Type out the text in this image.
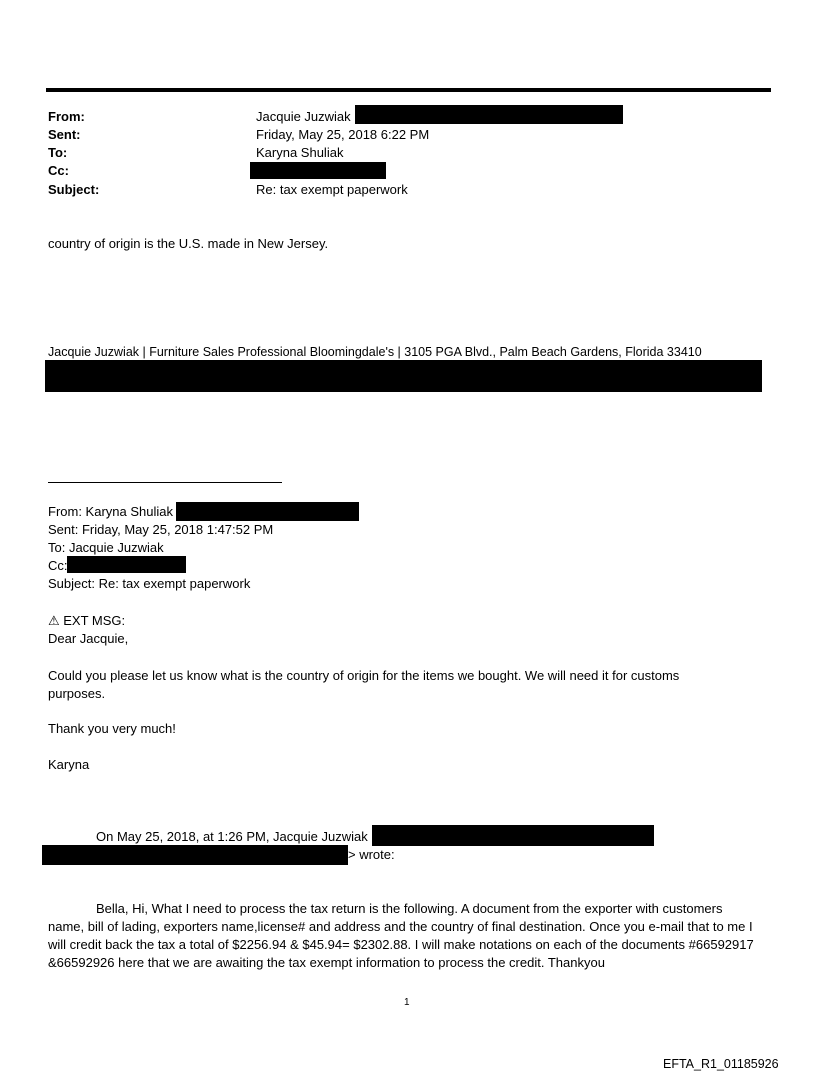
From:
Sent:
To:
Cc:
Subject:
Jacquie Juzwiak
Friday, May 25, 2018 6:22 PM
Karyna Shuliak
Re: tax exempt paperwork
country of origin is the U.S. made in New Jersey.
Jacquie Juzwiak | Furniture Sales Professional Bloomingdale's | 3105 PGA Blvd., Palm Beach Gardens, Florida 33410
From: Karyna Shuliak
Sent: Friday, May 25, 2018 1:47:52 PM
To: Jacquie Juzwiak
Cc:
Subject: Re: tax exempt paperwork
⚠ EXT MSG:
Dear Jacquie,
Could you please let us know what is the country of origin for the items we bought. We will need it for customs purposes.
Thank you very much!
Karyna
On May 25, 2018, at 1:26 PM, Jacquie Juzwiak
> wrote:
Bella, Hi, What I need to process the tax return is the following. A document from the exporter with customers name, bill of lading, exporters name,license# and address and the country of final destination. Once you e-mail that to me I will credit back the tax a total of $2256.94 & $45.94= $2302.88. I will make notations on each of the documents #66592917 &66592926 here that we are awaiting the tax exempt information to process the credit. Thankyou
1
EFTA_R1_01185926
